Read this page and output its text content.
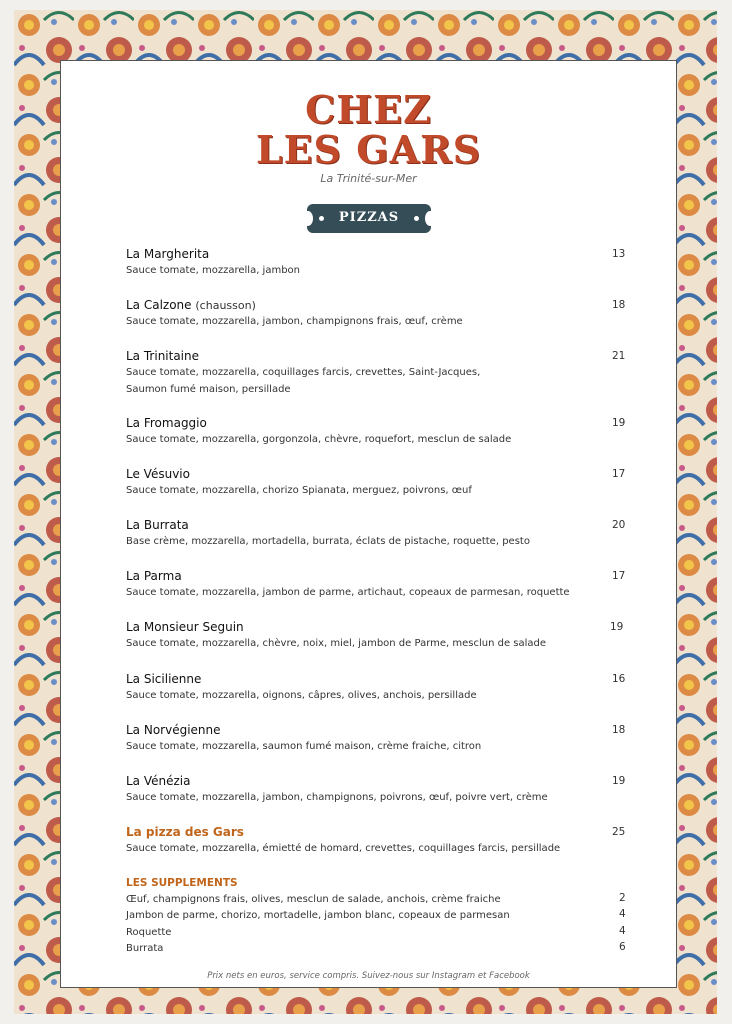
CHEZ
LES GARS
La Trinité-sur-Mer
PIZZAS
La Margherita
Sauce tomate, mozzarella, jambon
13
La Calzone (chausson)
Sauce tomate, mozzarella, jambon, champignons frais, œuf, crème
18
La Trinitaine
Sauce tomate, mozzarella, coquillages farcis, crevettes, Saint-Jacques,
Saumon fumé maison, persillade
21
La Fromaggio
Sauce tomate, mozzarella, gorgonzola, chèvre, roquefort, mesclun de salade
19
Le Vésuvio
Sauce tomate, mozzarella, chorizo Spianata, merguez, poivrons, œuf
17
La Burrata
Base crème, mozzarella, mortadella, burrata, éclats de pistache, roquette, pesto
20
La Parma
Sauce tomate, mozzarella, jambon de parme, artichaut, copeaux de parmesan, roquette
17
La Monsieur Seguin
Sauce tomate, mozzarella, chèvre, noix, miel, jambon de Parme, mesclun de salade
19
La Sicilienne
Sauce tomate, mozzarella, oignons, câpres, olives, anchois, persillade
16
La Norvégienne
Sauce tomate, mozzarella, saumon fumé maison, crème fraiche, citron
18
La Vénézia
Sauce tomate, mozzarella, jambon, champignons, poivrons, œuf, poivre vert, crème
19
La pizza des Gars
Sauce tomate, mozzarella, émietté de homard, crevettes, coquillages farcis, persillade
25
LES SUPPLEMENTS
Œuf, champignons frais, olives, mesclun de salade, anchois, crème fraiche	2
Jambon de parme, chorizo, mortadelle, jambon blanc, copeaux de parmesan	4
Roquette	4
Burrata	6
Prix nets en euros, service compris. Suivez-nous sur Instagram et Facebook
